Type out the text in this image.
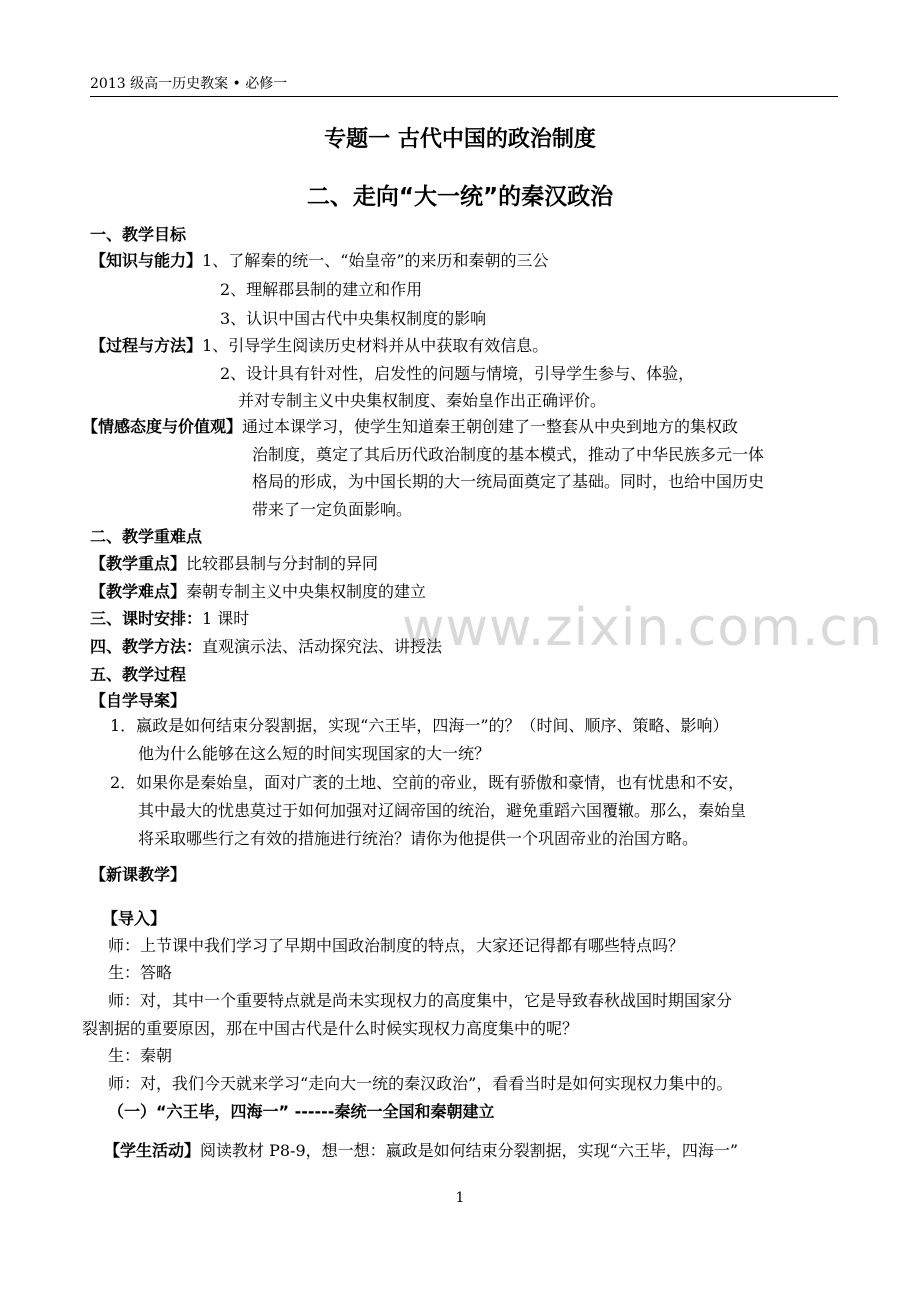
www.zixin.com.cn
2013 级高一历史教案 • 必修一
专题一 古代中国的政治制度
二、走向“大一统”的秦汉政治
一、教学目标
【知识与能力】1、了解秦的统一、“始皇帝”的来历和秦朝的三公
2、理解郡县制的建立和作用
3、认识中国古代中央集权制度的影响
【过程与方法】1、引导学生阅读历史材料并从中获取有效信息。
2、设计具有针对性，启发性的问题与情境，引导学生参与、体验，
并对专制主义中央集权制度、秦始皇作出正确评价。
【情感态度与价值观】通过本课学习，使学生知道秦王朝创建了一整套从中央到地方的集权政
治制度，奠定了其后历代政治制度的基本模式，推动了中华民族多元一体
格局的形成，为中国长期的大一统局面奠定了基础。同时，也给中国历史
带来了一定负面影响。
二、教学重难点
【教学重点】比较郡县制与分封制的异同
【教学难点】秦朝专制主义中央集权制度的建立
三、课时安排：1 课时
四、教学方法：直观演示法、活动探究法、讲授法
五、教学过程
【自学导案】
1．嬴政是如何结束分裂割据，实现“六王毕，四海一”的？（时间、顺序、策略、影响）
他为什么能够在这么短的时间实现国家的大一统？
2．如果你是秦始皇，面对广袤的土地、空前的帝业，既有骄傲和豪情，也有忧患和不安，
其中最大的忧患莫过于如何加强对辽阔帝国的统治，避免重蹈六国覆辙。那么，秦始皇
将采取哪些行之有效的措施进行统治？请你为他提供一个巩固帝业的治国方略。
【新课教学】
【导入】
师：上节课中我们学习了早期中国政治制度的特点，大家还记得都有哪些特点吗？
生：答略
师：对，其中一个重要特点就是尚未实现权力的高度集中，它是导致春秋战国时期国家分
裂割据的重要原因，那在中国古代是什么时候实现权力高度集中的呢？
生：秦朝
师：对，我们今天就来学习“走向大一统的秦汉政治”，看看当时是如何实现权力集中的。
（一）“六王毕，四海一” ------秦统一全国和秦朝建立
【学生活动】阅读教材 P8-9，想一想：嬴政是如何结束分裂割据，实现“六王毕，四海一”
1
